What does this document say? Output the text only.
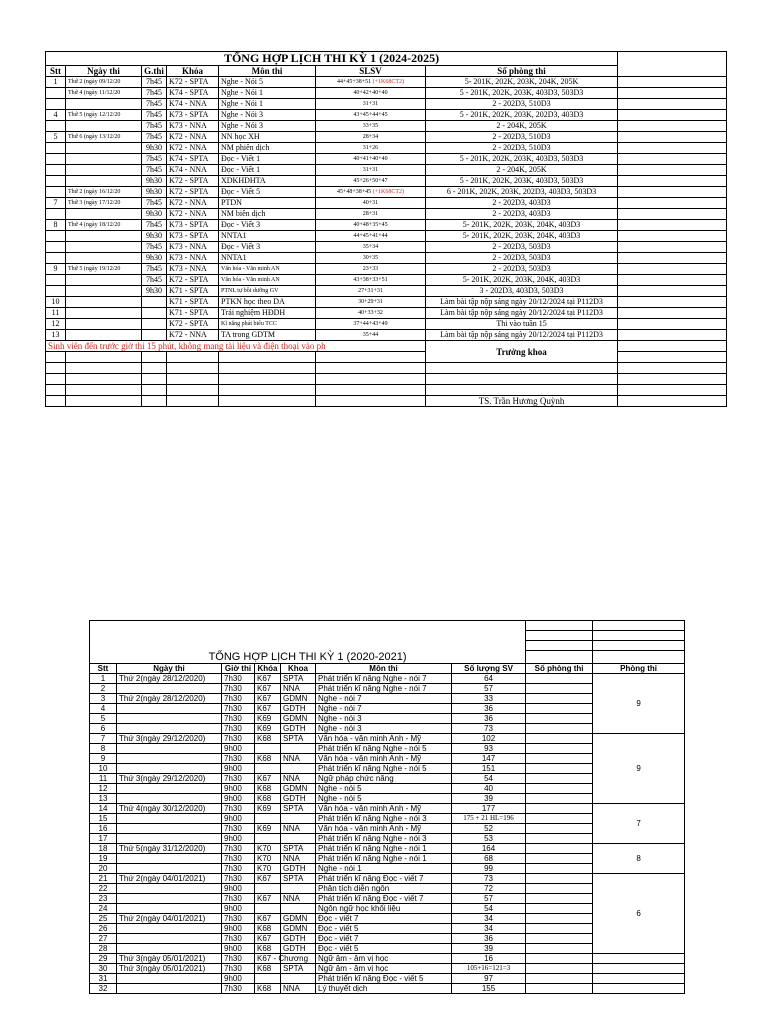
TỔNG HỢP LỊCH THI KỲ 1 (2024-2025)							
Stt	Ngày thi	G.thi	Khóa	Môn thi	SLSV	Số phòng thi	
1	Thứ 2 (ngày 09/12/20	7h45	K72 - SPTA	Nghe - Nói 5	44+45+38+51 (+1K68CT2)	5- 201K, 202K, 203K, 204K, 205K	
	Thứ 4 (ngày 11/12/20	7h45	K74 - SPTA	Nghe - Nói 1	40+42+40+40	5 - 201K, 202K, 203K, 403D3, 503D3	
		7h45	K74 - NNA	Nghe - Nói 1	31+31	2 - 202D3, 510D3	
4	Thứ 5 (ngày 12/12/20	7h45	K73 - SPTA	Nghe - Nói 3	43+45+44+45	5 - 201K, 202K, 203K, 202D3, 403D3	
		7h45	K73 - NNA	Nghe - Nói 3	33+35	2 - 204K, 205K	
5	Thứ 6 (ngày 13/12/20	7h45	K72 - NNA	NN học XH	28+34	2 - 202D3, 510D3	
		9h30	K72 - NNA	NM phiên dịch	31+26	2 - 202D3, 510D3	
		7h45	K74 - SPTA	Đọc - Viết 1	40+41+40+40	5 - 201K, 202K, 203K, 403D3, 503D3	
		7h45	K74 - NNA	Đọc - Viết 1	31+31	2 - 204K, 205K	
		9h30	K72 - SPTA	XDKHDHTA	45+26+50+47	5 - 201K, 202K, 203K, 403D3, 503D3	
	Thứ 2 (ngày 16/12/20	9h30	K72 - SPTA	Đọc - Viết 5	45+48+38+45 (+1K68CT2)	6 - 201K, 202K, 203K, 202D3, 403D3, 503D3	
7	Thứ 3 (ngày 17/12/20	7h45	K72 - NNA	PTDN	40+31	2 - 202D3, 403D3	
		9h30	K72 - NNA	NM biên dịch	28+31	2 - 202D3, 403D3	
8	Thứ 4 (ngày 18/12/20	7h45	K73 - SPTA	Đọc - Viết 3	40+48+35+45	5- 201K, 202K, 203K, 204K, 403D3	
		9h30	K73 - SPTA	NNTA1	44+45+41+44	5- 201K, 202K, 203K, 204K, 403D3	
		7h45	K73 - NNA	Đọc - Viết 3	35+34	2 - 202D3, 503D3	
		9h30	K73 - NNA	NNTA1	30+35	2 - 202D3, 503D3	
9	Thứ 5 (ngày 19/12/20	7h45	K73 - NNA	Văn hóa - Văn minh AN	23+33	2 - 202D3, 503D3	
		7h45	K72 - SPTA	Văn hóa - Văn minh AN	43+38+33+51	5- 201K, 202K, 203K, 204K, 403D3	
		9h30	K71 - SPTA	PTNL tự bồi dưỡng GV	27+31+31	3 - 202D3, 403D3, 503D3	
10			K71 - SPTA	PTKN học theo DA	30+29+31	Làm bài tập nộp sáng ngày 20/12/2024 tại P112D3	
11			K71 - SPTA	Trải nghiệm HĐDH	40+33+32	Làm bài tập nộp sáng ngày 20/12/2024 tại P112D3	
12			K72 - SPTA	Kĩ năng phát biểu TCC	37+44+43+49	Thi vào tuần 15	
13			K72 - NNA	TA trong GDTM	35+44	Làm bài tập nộp sáng ngày 20/12/2024 tại P112D3	
Sinh viên đến trước giờ thi 15 phút, không mang tài liệu và điện thoại vào ph						Trưởng khoa	

						TS. Trần Hương Quỳnh	

TỔNG HỢP LỊCH THI KỲ 1 (2020-2021)								
Stt	Ngày thi	Giờ thi	Khóa	Khoa	Môn thi	Số lượng SV	Số phòng thi	Phòng thi
1	Thứ 2(ngày 28/12/2020)	7h30	K67	SPTA	Phát triển kĩ năng Nghe - nói 7	64		9
2		7h30	K67	NNA	Phát triển kĩ năng Nghe - nói 7	57		
3	Thứ 2(ngày 28/12/2020)	7h30	K67	GDMN	Nghe - nói 7	33		
4		7h30	K67	GDTH	Nghe - nói 7	36		
5		7h30	K69	GDMN	Nghe - nói 3	36		
6		7h30	K69	GDTH	Nghe - nói 3	73		
7	Thứ 3(ngày 29/12/2020)	7h30	K68	SPTA	Văn hóa - văn minh Anh - Mỹ	102		9
8		9h00			Phát triển kĩ năng Nghe - nói 5	93		
9		7h30	K68	NNA	Văn hóa - văn minh Anh - Mỹ	147		
10		9h00			Phát triển kĩ năng Nghe - nói 5	151		
11	Thứ 3(ngày 29/12/2020)	7h30	K67	NNA	Ngữ pháp chức năng	54		
12		9h00	K68	GDMN	Nghe - nói 5	40		
13		9h00	K68	GDTH	Nghe - nói 5	39		
14	Thứ 4(ngày 30/12/2020)	7h30	K69	SPTA	Văn hóa - văn minh Anh - Mỹ	177		7
15		9h00			Phát triển kĩ năng Nghe - nói 3	175 + 21 HL=196		
16		7h30	K69	NNA	Văn hóa - văn minh Anh - Mỹ	52		
17		9h00			Phát triển kĩ năng Nghe - nói 3	53		
18	Thứ 5(ngày 31/12/2020)	7h30	K70	SPTA	Phát triển kĩ năng Nghe - nói 1	164		8
19		7h30	K70	NNA	Phát triển kĩ năng Nghe - nói 1	68		
20		7h30	K70	GDTH	Nghe - nói 1	99		
21	Thứ 2(ngày 04/01/2021)	7h30	K67	SPTA	Phát triển kĩ năng Đọc - viết 7	73		6
22		9h00			Phân tích diễn ngôn	72		
23		7h30	K67	NNA	Phát triển kĩ năng Đọc - viết 7	57		
24		9h00			Ngôn ngữ học khối liệu	54		
25	Thứ 2(ngày 04/01/2021)	7h30	K67	GDMN	Đọc - viết 7	34		
26		9h00	K68	GDMN	Đọc - viết 5	34		
27		7h30	K67	GDTH	Đọc - viết 7	36		
28		9h00	K68	GDTH	Đọc - viết 5	39		
29	Thứ 3(ngày 05/01/2021)	7h30	K67 - Chương		Ngữ âm - âm vị học	16		
30	Thứ 3(ngày 05/01/2021)	7h30	K68	SPTA	Ngữ âm - âm vị học	105+16=121=3		
31		9h00			Phát triển kĩ năng Đọc - viết 5	97		
32		7h30	K68	NNA	Lý thuyết dịch	155		
